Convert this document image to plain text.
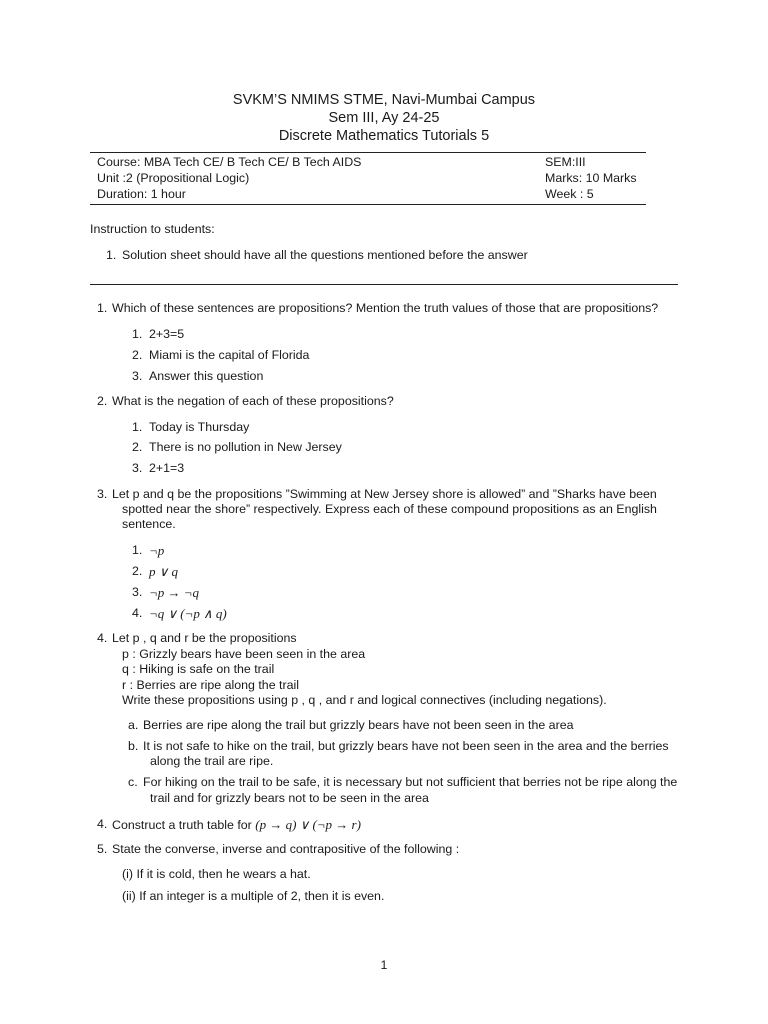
SVKM’S NMIMS STME, Navi-Mumbai Campus
Sem III, Ay 24-25
Discrete Mathematics Tutorials 5
Course: MBA Tech CE/ B Tech CE/ B Tech AIDS
Unit :2 (Propositional Logic)
Duration: 1 hour
SEM:III
Marks: 10 Marks
Week : 5
Instruction to students:
1. Solution sheet should have all the questions mentioned before the answer
1. Which of these sentences are propositions? Mention the truth values of those that are propositions?
1. 2+3=5
2. Miami is the capital of Florida
3. Answer this question
2. What is the negation of each of these propositions?
1. Today is Thursday
2. There is no pollution in New Jersey
3. 2+1=3
3. Let p and q be the propositions ”Swimming at New Jersey shore is allowed” and ”Sharks have been
spotted near the shore” respectively. Express each of these compound propositions as an English
sentence.
1. ¬p
2. p ∨ q
3. ¬p → ¬q
4. ¬q ∨ (¬p ∧ q)
4. Let p , q and r be the propositions
p : Grizzly bears have been seen in the area
q : Hiking is safe on the trail
r : Berries are ripe along the trail
Write these propositions using p , q , and r and logical connectives (including negations).
a. Berries are ripe along the trail but grizzly bears have not been seen in the area
b. It is not safe to hike on the trail, but grizzly bears have not been seen in the area and the berries
along the trail are ripe.
c. For hiking on the trail to be safe, it is necessary but not sufficient that berries not be ripe along the
trail and for grizzly bears not to be seen in the area
4. Construct a truth table for (p → q) ∨ (¬p → r)
5. State the converse, inverse and contrapositive of the following :
(i) If it is cold, then he wears a hat.
(ii) If an integer is a multiple of 2, then it is even.
1
